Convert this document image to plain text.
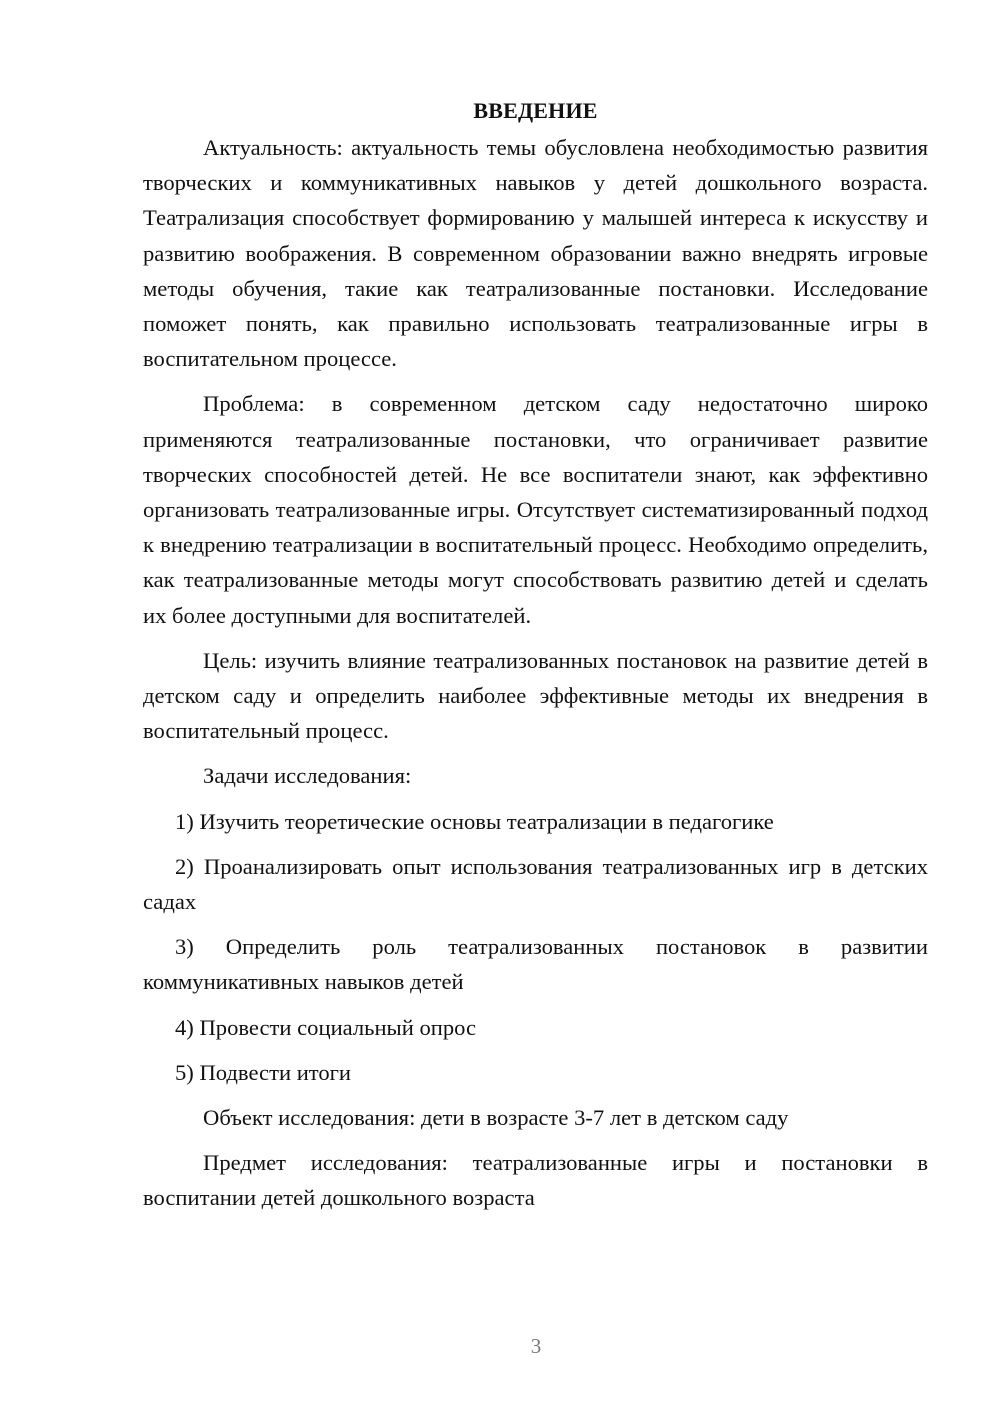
ВВЕДЕНИЕ

Актуальность: актуальность темы обусловлена необходимостью развития творческих и коммуникативных навыков у детей дошкольного возраста. Театрализация способствует формированию у малышей интереса к искусству и развитию воображения. В современном образовании важно внедрять игровые методы обучения, такие как театрализованные постановки. Исследование поможет понять, как правильно использовать театрализованные игры в воспитательном процессе.

Проблема: в современном детском саду недостаточно широко применяются театрализованные постановки, что ограничивает развитие творческих способностей детей. Не все воспитатели знают, как эффективно организовать театрализованные игры. Отсутствует систематизированный подход к внедрению театрализации в воспитательный процесс. Необходимо определить, как театрализованные методы могут способствовать развитию детей и сделать их более доступными для воспитателей.

Цель: изучить влияние театрализованных постановок на развитие детей в детском саду и определить наиболее эффективные методы их внедрения в воспитательный процесс.

Задачи исследования:

1) Изучить теоретические основы театрализации в педагогике

2) Проанализировать опыт использования театрализованных игр в детских садах

3) Определить роль театрализованных постановок в развитии коммуникативных навыков детей

4) Провести социальный опрос

5) Подвести итоги

Объект исследования: дети в возрасте 3-7 лет в детском саду

Предмет исследования: театрализованные игры и постановки в воспитании детей дошкольного возраста

3
